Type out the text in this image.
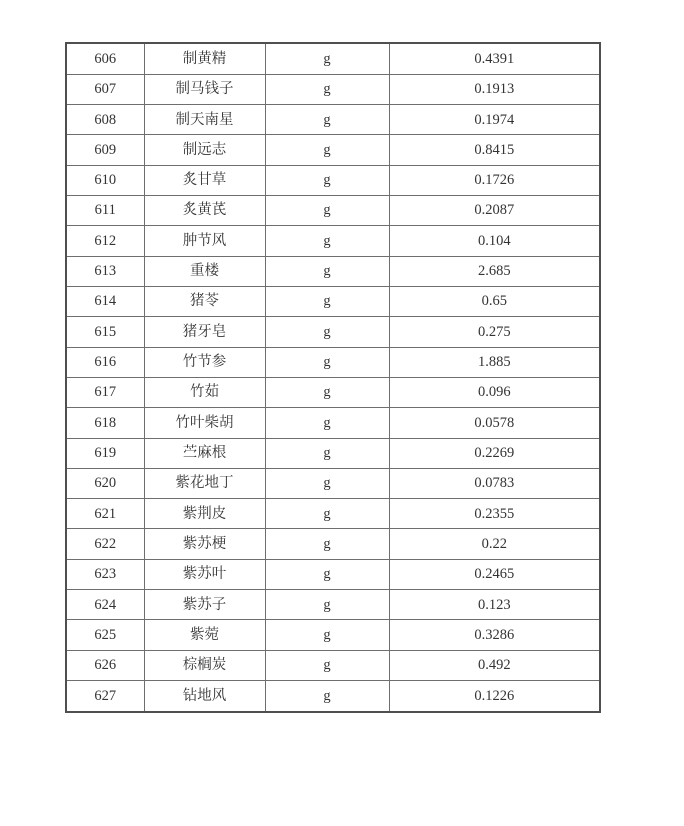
606	制黄精	g	0.4391
607	制马钱子	g	0.1913
608	制天南星	g	0.1974
609	制远志	g	0.8415
610	炙甘草	g	0.1726
611	炙黄芪	g	0.2087
612	肿节风	g	0.104
613	重楼	g	2.685
614	猪苓	g	0.65
615	猪牙皂	g	0.275
616	竹节参	g	1.885
617	竹茹	g	0.096
618	竹叶柴胡	g	0.0578
619	苎麻根	g	0.2269
620	紫花地丁	g	0.0783
621	紫荆皮	g	0.2355
622	紫苏梗	g	0.22
623	紫苏叶	g	0.2465
624	紫苏子	g	0.123
625	紫菀	g	0.3286
626	棕榈炭	g	0.492
627	钻地风	g	0.1226
